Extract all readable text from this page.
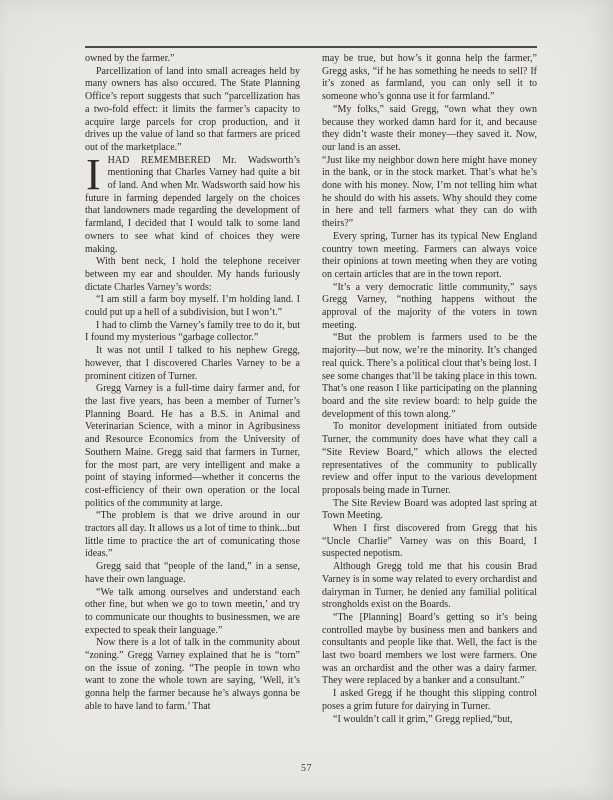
owned by the farmer.”

Parcellization of land into small acreages held by many owners has also occured. The State Planning Office’s report suggests that such “parcellization has a two-fold effect: it limits the farmer’s capacity to acquire large parcels for crop production, and it drives up the value of land so that farmers are priced out of the marketplace.”

I HAD REMEMBERED Mr. Wadsworth’s mentioning that Charles Varney had quite a bit of land. And when Mr. Wadsworth said how his future in farming depended largely on the choices that landowners made regarding the development of farmland, I decided that I would talk to some land owners to see what kind of choices they were making.

With bent neck, I hold the telephone receiver between my ear and shoulder. My hands furiously dictate Charles Varney’s words:

“I am still a farm boy myself. I’m holding land. I could put up a hell of a subdivision, but I won’t.”

I had to climb the Varney’s family tree to do it, but I found my mysterious “garbage collector.”

It was not until I talked to his nephew Gregg, however, that I discovered Charles Varney to be a prominent citizen of Turner.

Gregg Varney is a full-time dairy farmer and, for the last five years, has been a member of Turner’s Planning Board. He has a B.S. in Animal and Veterinarian Science, with a minor in Agribusiness and Resource Economics from the University of Southern Maine. Gregg said that farmers in Turner, for the most part, are very intelligent and make a point of staying informed—whether it concerns the cost-efficiency of their own operation or the local politics of the community at large.

“The problem is that we drive around in our tractors all day. It allows us a lot of time to think...but little time to practice the art of comunicating those ideas.”

Gregg said that “people of the land,” in a sense, have their own language.

“We talk among ourselves and understand each other fine, but when we go to town meetin,’ and try to communicate our thoughts to businessmen, we are expected to speak their language.”

Now there is a lot of talk in the community about “zoning.” Gregg Varney explained that he is “torn” on the issue of zoning. “The people in town who want to zone the whole town are saying, ‘Well, it’s gonna help the farmer because he’s always gonna be able to have land to farm.’ That

may be true, but how’s it gonna help the farmer,” Gregg asks, “if he has something he needs to sell? If it’s zoned as farmland, you can only sell it to someone who’s gonna use it for farmland.”

“My folks,” said Gregg, “own what they own because they worked damn hard for it, and because they didn’t waste their money—they saved it. Now, our land is an asset.

“Just like my neighbor down here might have money in the bank, or in the stock market. That’s what he’s done with his money. Now, I’m not telling him what he should do with his assets. Why should they come in here and tell farmers what they can do with theirs?”

Every spring, Turner has its typical New England country town meeting. Farmers can always voice their opinions at town meeting when they are voting on certain articles that are in the town report.

“It’s a very democratic little community,” says Gregg Varney, “nothing happens without the approval of the majority of the voters in town meeting.

“But the problem is farmers used to be the majority—but now, we’re the minority. It’s changed real quick. There’s a political clout that’s being lost. I see some changes that’ll be taking place in this town. That’s one reason I like participating on the planning board and the site review board: to help guide the development of this town along.”

To monitor development initiated from outside Turner, the community does have what they call a “Site Review Board,” which allows the elected representatives of the community to publically review and offer input to the various development proposals being made in Turner.

The Site Review Board was adopted last spring at Town Meeting.

When I first discovered from Gregg that his “Uncle Charlie” Varney was on this Board, I suspected nepotism.

Although Gregg told me that his cousin Brad Varney is in some way related to every orchardist and dairyman in Turner, he denied any familial political strongholds exist on the Boards.

“The [Planning] Board’s getting so it’s being controlled maybe by business men and bankers and consultants and people like that. Well, the fact is the last two board members we lost were farmers. One was an orchardist and the other was a dairy farmer. They were replaced by a banker and a consultant.”

I asked Gregg if he thought this slipping control poses a grim future for dairying in Turner.

“I wouldn’t call it grim,” Gregg replied,“but,

57
